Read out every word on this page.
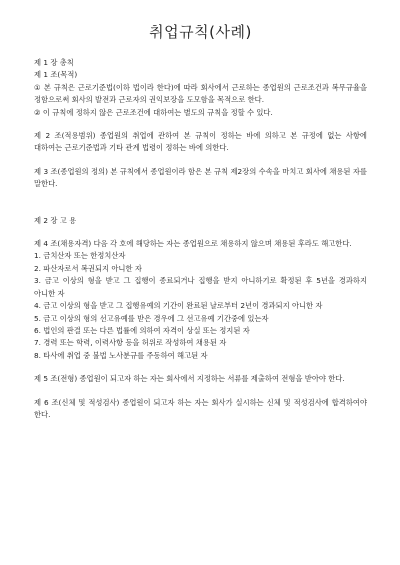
취업규칙(사례)

제 1 장 총칙

제 1 조(목적)

① 본 규칙은 근로기준법(이하 법이라 한다)에 따라 회사에서 근로하는 종업원의 근로조건과 복무규율을 정함으로써 회사의 발전과 근로자의 권익보장을 도모함을 목적으로 한다.

② 이 규칙에 정하지 않은 근로조건에 대하여는 별도의 규칙을 정할 수 있다.

제 2 조(적용범위) 종업원의 취업에 관하여 본 규칙이 정하는 바에 의하고 본 규정에 없는 사항에 대하여는 근로기준법과 기타 관계 법령이 정하는 바에 의한다.

제 3 조(종업원의 정의) 본 규칙에서 종업원이라 함은 본 규칙 제2장의 수속을 마치고 회사에 채용된 자를 말한다.

제 2 장 고 용

제 4 조(채용자격) 다음 각 호에 해당하는 자는 종업원으로 채용하지 않으며 채용된 후라도 해고한다.

1. 금치산자 또는 한정치산자
2. 파산자로서 복권되지 아니한 자
3. 금고 이상의 형을 받고 그 집행이 종료되거나 집행을 받지 아니하기로 확정된 후 5년을 경과하지 아니한 자
4. 금고 이상의 형을 받고 그 집행유예의 기간이 완료된 날로부터 2년이 경과되지 아니한 자
5. 금고 이상의 형의 선고유예를 받은 경우에 그 선고유예 기간중에 있는자
6. 법인의 판결 또는 다른 법률에 의하여 자격이 상실 또는 정지된 자
7. 경력 또는 학력, 이력사항 등을 허위로 작성하여 채용된 자
8. 타사에 취업 중 불법 노사분규를 주동하여 해고된 자

제 5 조(전형) 종업원이 되고자 하는 자는 회사에서 지정하는 서류를 제출하여 전형을 받아야 한다.

제 6 조(신체 및 적성검사) 종업원이 되고자 하는 자는 회사가 실시하는 신체 및 적성검사에 합격하여야 한다.
